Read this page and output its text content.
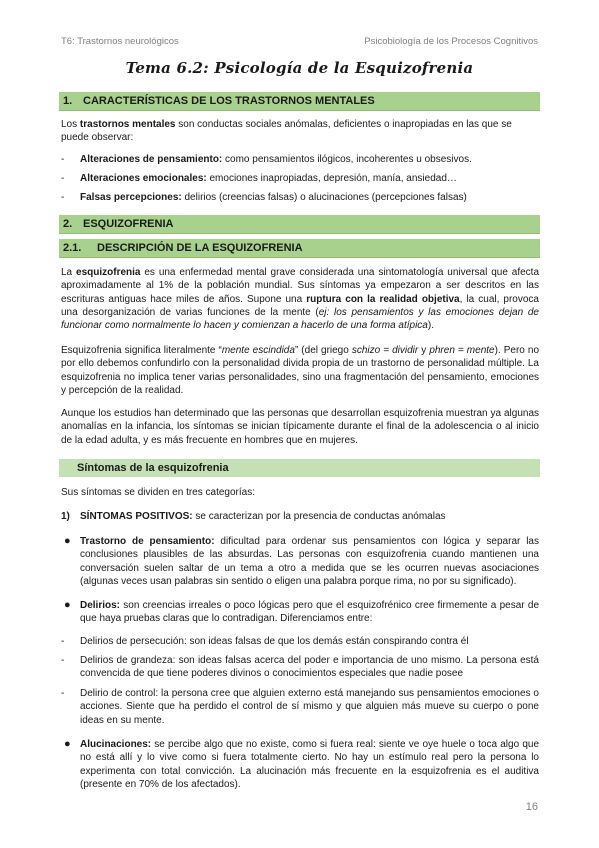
T6: Trastornos neurológicos	Psicobiología de los Procesos Cognitivos
Tema 6.2: Psicología de la Esquizofrenia
1. CARACTERÍSTICAS DE LOS TRASTORNOS MENTALES
Los trastornos mentales son conductas sociales anómalas, deficientes o inapropiadas en las que se puede observar:
-	Alteraciones de pensamiento: como pensamientos ilógicos, incoherentes u obsesivos.
-	Alteraciones emocionales: emociones inapropiadas, depresión, manía, ansiedad…
-	Falsas percepciones: delirios (creencias falsas) o alucinaciones (percepciones falsas)
2. ESQUIZOFRENIA
2.1. DESCRIPCIÓN DE LA ESQUIZOFRENIA
La esquizofrenia es una enfermedad mental grave considerada una sintomatología universal que afecta aproximadamente al 1% de la población mundial. Sus síntomas ya empezaron a ser descritos en las escrituras antiguas hace miles de años. Supone una ruptura con la realidad objetiva, la cual, provoca una desorganización de varias funciones de la mente (ej: los pensamientos y las emociones dejan de funcionar como normalmente lo hacen y comienzan a hacerlo de una forma atípica).
Esquizofrenia significa literalmente “mente escindida” (del griego schizo = dividir y phren = mente). Pero no por ello debemos confundirlo con la personalidad divida propia de un trastorno de personalidad múltiple. La esquizofrenia no implica tener varias personalidades, sino una fragmentación del pensamiento, emociones y percepción de la realidad.
Aunque los estudios han determinado que las personas que desarrollan esquizofrenia muestran ya algunas anomalías en la infancia, los síntomas se inician típicamente durante el final de la adolescencia o al inicio de la edad adulta, y es más frecuente en hombres que en mujeres.
Síntomas de la esquizofrenia
Sus síntomas se dividen en tres categorías:
1) SÍNTOMAS POSITIVOS: se caracterizan por la presencia de conductas anómalas
● Trastorno de pensamiento: dificultad para ordenar sus pensamientos con lógica y separar las conclusiones plausibles de las absurdas. Las personas con esquizofrenia cuando mantienen una conversación suelen saltar de un tema a otro a medida que se les ocurren nuevas asociaciones (algunas veces usan palabras sin sentido o eligen una palabra porque rima, no por su significado).
● Delirios: son creencias irreales o poco lógicas pero que el esquizofrénico cree firmemente a pesar de que haya pruebas claras que lo contradigan. Diferenciamos entre:
-	Delirios de persecución: son ideas falsas de que los demás están conspirando contra él
-	Delirios de grandeza: son ideas falsas acerca del poder e importancia de uno mismo. La persona está convencida de que tiene poderes divinos o conocimientos especiales que nadie posee
-	Delirio de control: la persona cree que alguien externo está manejando sus pensamientos emociones o acciones. Siente que ha perdido el control de sí mismo y que alguien más mueve su cuerpo o pone ideas en su mente.
● Alucinaciones: se percibe algo que no existe, como si fuera real: siente ve oye huele o toca algo que no está allí y lo vive como si fuera totalmente cierto. No hay un estímulo real pero la persona lo experimenta con total convicción. La alucinación más frecuente en la esquizofrenia es el auditiva (presente en 70% de los afectados).
16
